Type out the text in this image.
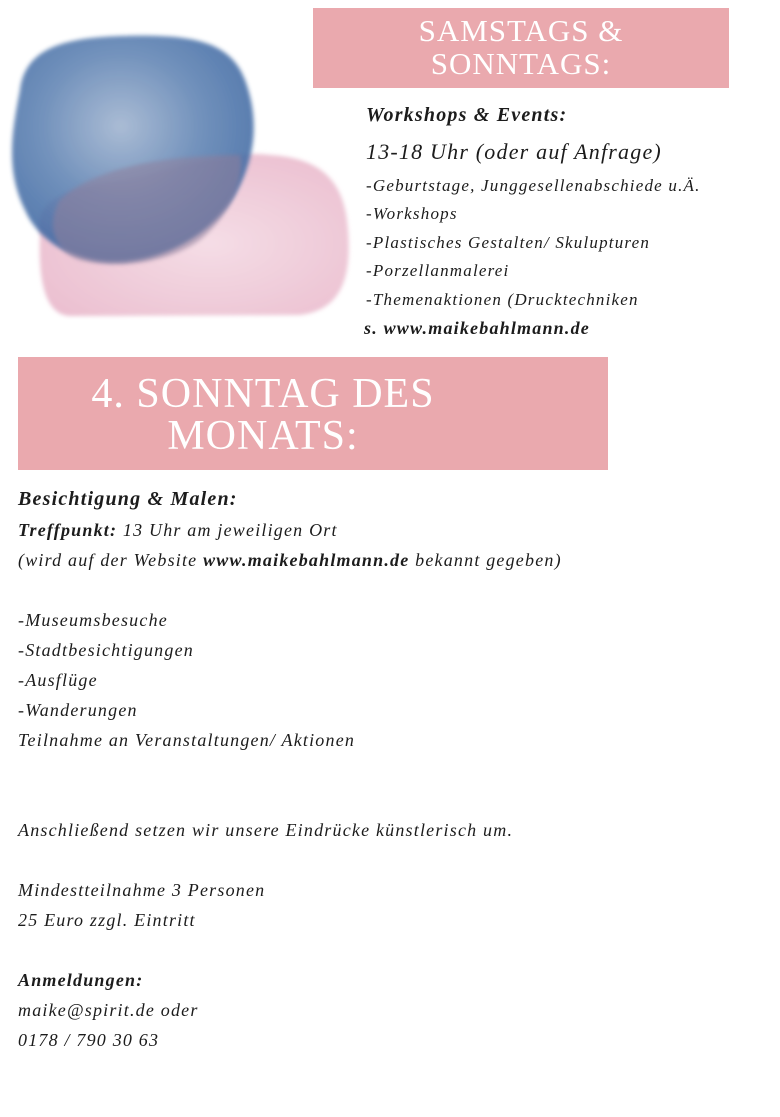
SAMSTAGS &
SONNTAGS:
Workshops & Events:
13-18 Uhr (oder auf Anfrage)
-Geburtstage, Junggesellenabschiede u.Ä.
-Workshops
-Plastisches Gestalten/ Skulupturen
-Porzellanmalerei
-Themenaktionen (Drucktechniken
s. www.maikebahlmann.de
4. SONNTAG DES
MONATS:
Besichtigung & Malen:
Treffpunkt: 13 Uhr am jeweiligen Ort
(wird auf der Website www.maikebahlmann.de bekannt gegeben)
-Museumsbesuche
-Stadtbesichtigungen
-Ausflüge
-Wanderungen
Teilnahme an Veranstaltungen/ Aktionen
Anschließend setzen wir unsere Eindrücke künstlerisch um.
Mindestteilnahme 3 Personen
25 Euro zzgl. Eintritt
Anmeldungen:
maike@spirit.de oder
0178 / 790 30 63
